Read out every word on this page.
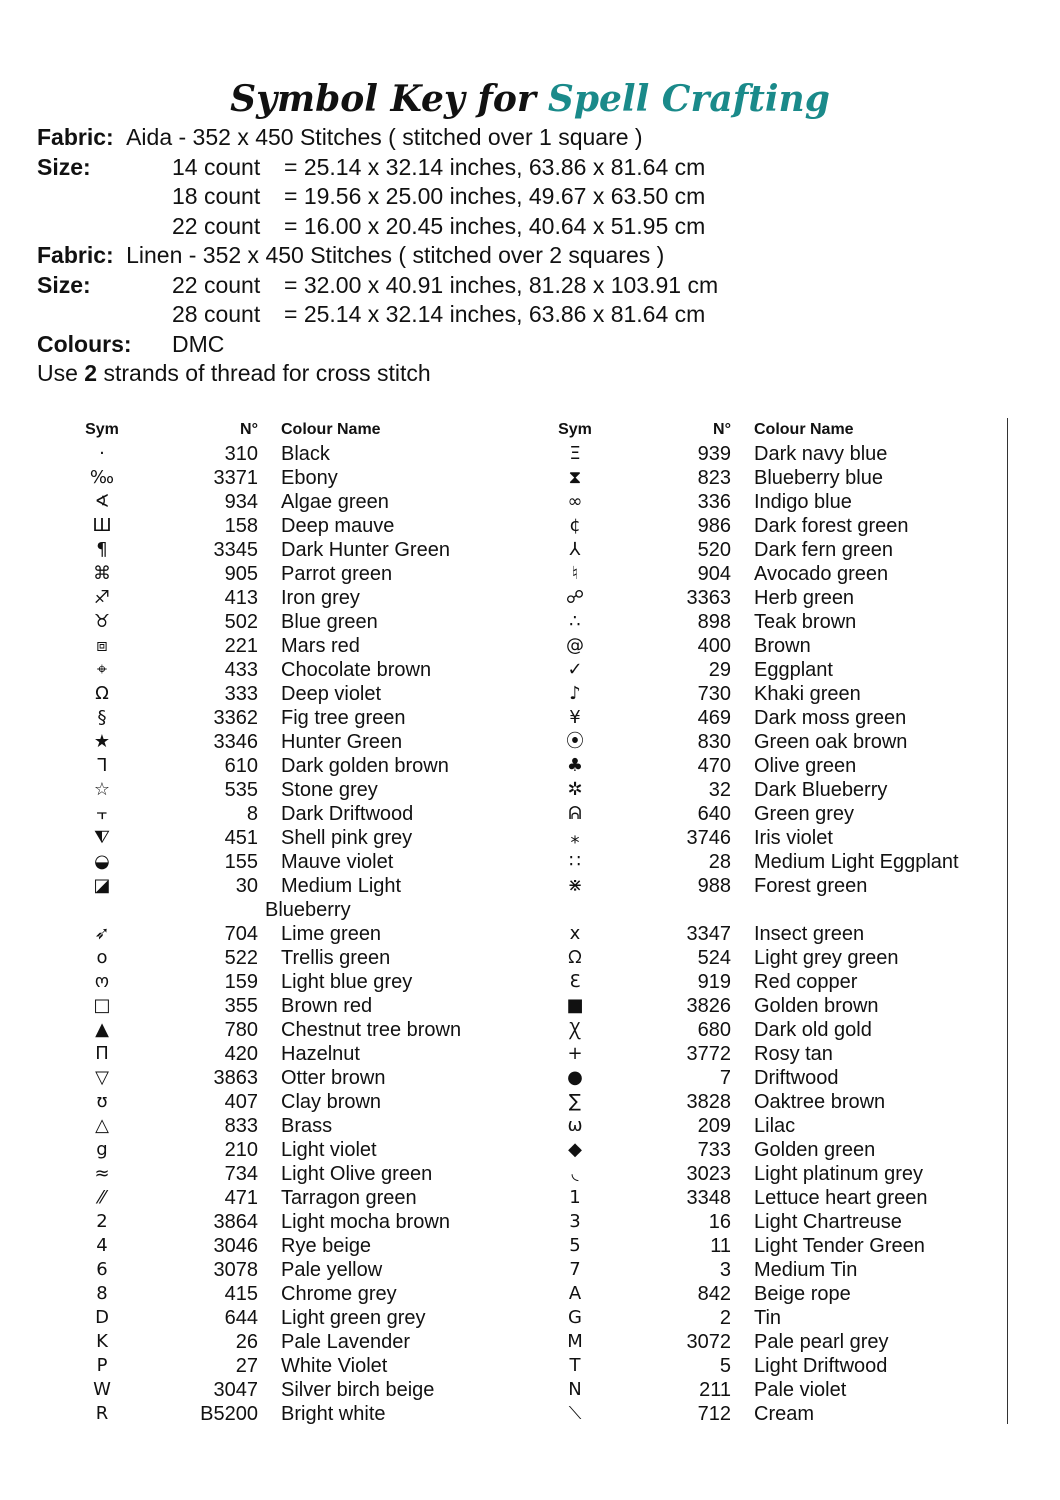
Symbol Key for Spell Crafting
Fabric: Aida - 352 x 450 Stitches ( stitched over 1 square )
Size:	14 count = 25.14 x 32.14 inches, 63.86 x 81.64 cm
18 count = 19.56 x 25.00 inches, 49.67 x 63.50 cm
22 count = 16.00 x 20.45 inches, 40.64 x 51.95 cm
Fabric: Linen - 352 x 450 Stitches ( stitched over 2 squares )
Size:	22 count = 32.00 x 40.91 inches, 81.28 x 103.91 cm
28 count = 25.14 x 32.14 inches, 63.86 x 81.64 cm
Colours: DMC
Use 2 strands of thread for cross stitch
Sym	N° Colour Name
·	310 Black
‰	3371 Ebony
∢	934 Algae green
Ш	158 Deep mauve
¶	3345 Dark Hunter Green
⌘	905 Parrot green
♐	413 Iron grey
♉	502 Blue green
⧈	221 Mars red
⌖	433 Chocolate brown
Ω	333 Deep violet
§	3362 Fig tree green
★	3346 Hunter Green
ᒣ	610 Dark golden brown
☆	535 Stone grey
⫟	8 Dark Driftwood
⧨	451 Shell pink grey
◒	155 Mauve violet
◪	30 Medium Light
Blueberry
➶	704 Lime green
o	522 Trellis green
ო	159 Light blue grey
□	355 Brown red
▲	780 Chestnut tree brown
Π	420 Hazelnut
▽	3863 Otter brown
ʊ	407 Clay brown
△	833 Brass
g	210 Light violet
≈	734 Light Olive green
⁄⁄	471 Tarragon green
2	3864 Light mocha brown
4	3046 Rye beige
6	3078 Pale yellow
8	415 Chrome grey
D	644 Light green grey
K	26 Pale Lavender
P	27 White Violet
W	3047 Silver birch beige
R	B5200 Bright white
Sym	N° Colour Name
Ξ	939 Dark navy blue
⧗	823 Blueberry blue
∞	336 Indigo blue
¢	986 Dark forest green
⅄	520 Dark fern green
♮	904 Avocado green
☍	3363 Herb green
∴	898 Teak brown
@	400 Brown
✓	29 Eggplant
♪	730 Khaki green
¥	469 Dark moss green
⦿	830 Green oak brown
♣	470 Olive green
✲	32 Dark Blueberry
ᕱ	640 Green grey
⁎	3746 Iris violet
∷	28 Medium Light Eggplant
⋇	988 Forest green
x	3347 Insect green
ᘯ	524 Light grey green
Ɛ	919 Red copper
■	3826 Golden brown
Ꭓ	680 Dark old gold
+	3772 Rosy tan
●	7 Driftwood
∑	3828 Oaktree brown
ω	209 Lilac
◆	733 Golden green
◟	3023 Light platinum grey
1	3348 Lettuce heart green
3	16 Light Chartreuse
5	11 Light Tender Green
7	3 Medium Tin
A	842 Beige rope
G	2 Tin
M	3072 Pale pearl grey
T	5 Light Driftwood
N	211 Pale violet
⟍	712 Cream
